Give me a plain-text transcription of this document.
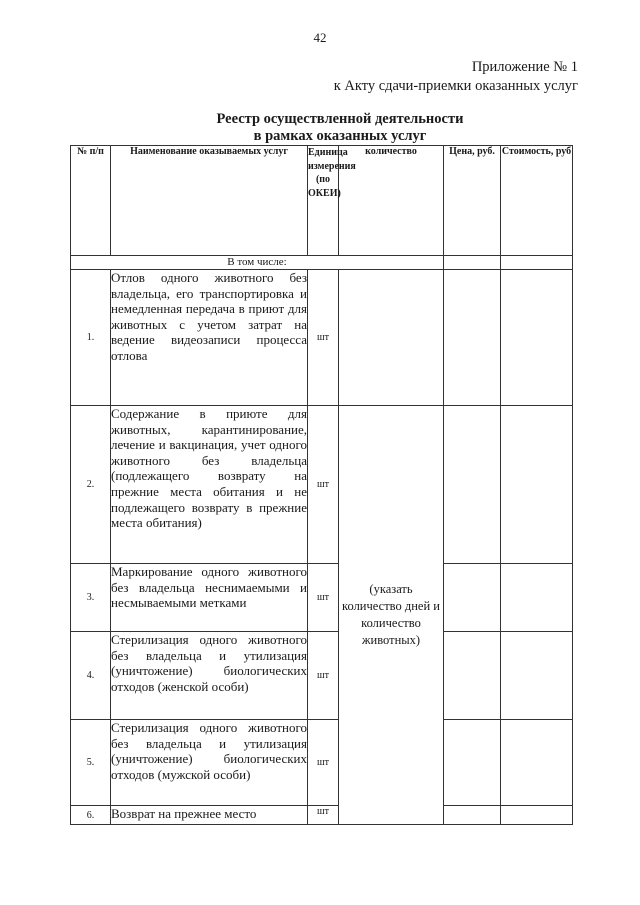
42
Приложение № 1
к Акту сдачи-приемки оказанных услуг
Реестр осуществленной деятельности
в рамках оказанных услуг
№ п/п	Наименование оказываемых услуг	Единица измерения (по ОКЕИ)	количество	Цена, руб.	Стоимость, руб
В том числе:					
1.	Отлов одного животного без владельца, его транспортировка и немедленная передача в приют для животных с учетом затрат на ведение видеозаписи процесса отлова	шт			
2.	Содержание в приюте для животных, карантинирование, лечение и вакцинация, учет одного животного без владельца (подлежащего возврату на прежние места обитания и не подлежащего возврату в прежние места обитания)	шт	(указать количество дней и количество животных)		
3.	Маркирование одного животного без владельца неснимаемыми и несмываемыми метками	шт			
4.	Стерилизация одного животного без владельца и утилизация (уничтожение) биологических отходов (женской особи)	шт			
5.	Стерилизация одного животного без владельца и утилизация (уничтожение) биологических отходов (мужской особи)	шт			
6.	Возврат на прежнее место	шт			
